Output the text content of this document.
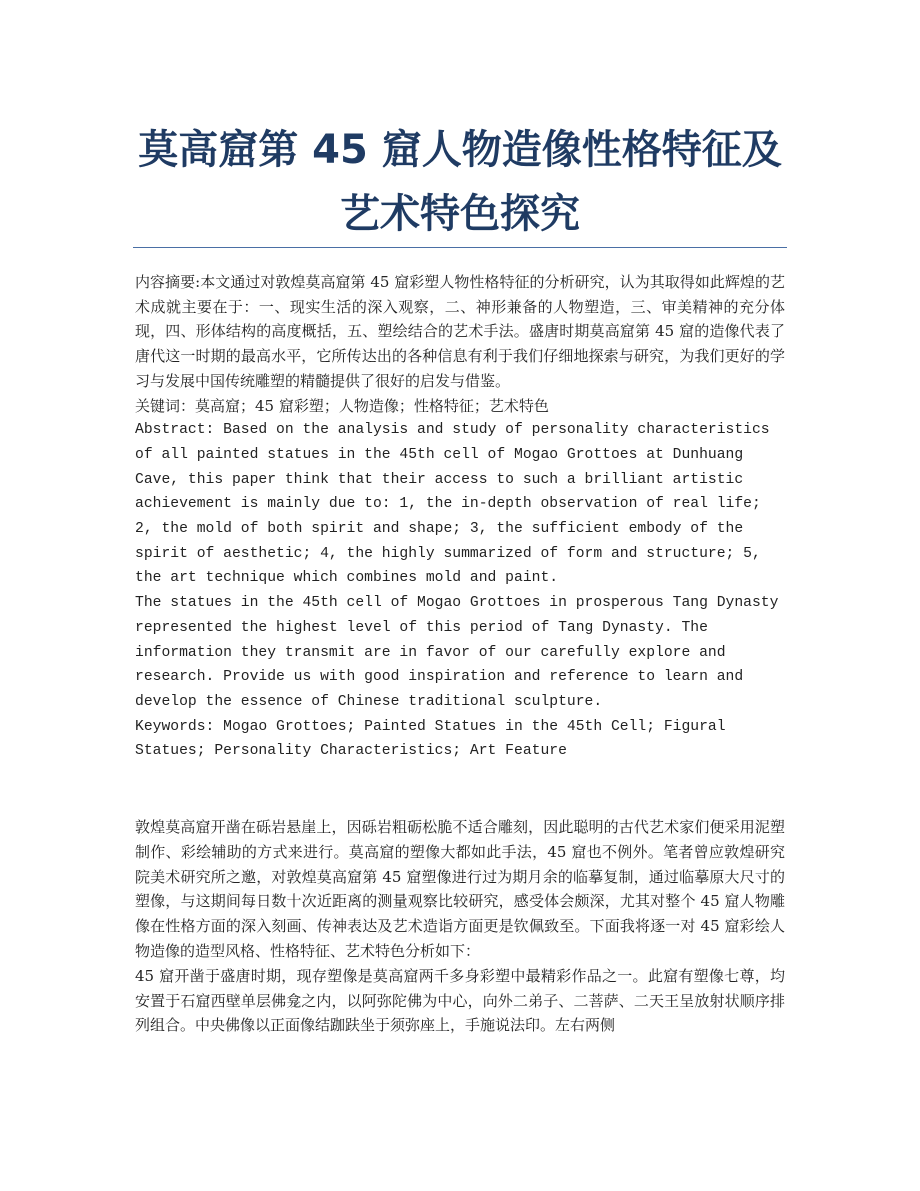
莫高窟第 45 窟人物造像性格特征及
艺术特色探究

内容摘要:本文通过对敦煌莫高窟第 45 窟彩塑人物性格特征的分析研究，认为其取得如此辉煌的艺术成就主要在于：一、现实生活的深入观察，二、神形兼备的人物塑造，三、审美精神的充分体现，四、形体结构的高度概括，五、塑绘结合的艺术手法。盛唐时期莫高窟第 45 窟的造像代表了唐代这一时期的最高水平，它所传达出的各种信息有利于我们仔细地探索与研究，为我们更好的学习与发展中国传统雕塑的精髓提供了很好的启发与借鉴。

关键词：莫高窟；45 窟彩塑；人物造像；性格特征；艺术特色

Abstract: Based on the analysis and study of personality characteristics of all painted statues in the 45th cell of Mogao Grottoes at Dunhuang Cave, this paper think that their access to such a brilliant artistic achievement is mainly due to: 1, the in-depth observation of real life; 2, the mold of both spirit and shape; 3, the sufficient embody of the spirit of aesthetic; 4, the highly summarized of form and structure; 5, the art technique which combines mold and paint.

The statues in the 45th cell of Mogao Grottoes in prosperous Tang Dynasty represented the highest level of this period of Tang Dynasty. The information they transmit are in favor of our carefully explore and research. Provide us with good inspiration and reference to learn and develop the essence of Chinese traditional sculpture.

Keywords: Mogao Grottoes; Painted Statues in the 45th Cell; Figural Statues; Personality Characteristics; Art Feature

敦煌莫高窟开凿在砾岩悬崖上，因砾岩粗砺松脆不适合雕刻，因此聪明的古代艺术家们便采用泥塑制作、彩绘辅助的方式来进行。莫高窟的塑像大都如此手法，45 窟也不例外。笔者曾应敦煌研究院美术研究所之邀，对敦煌莫高窟第 45 窟塑像进行过为期月余的临摹复制，通过临摹原大尺寸的塑像，与这期间每日数十次近距离的测量观察比较研究，感受体会颇深，尤其对整个 45 窟人物雕像在性格方面的深入刻画、传神表达及艺术造诣方面更是钦佩致至。下面我将逐一对 45 窟彩绘人物造像的造型风格、性格特征、艺术特色分析如下：

45 窟开凿于盛唐时期，现存塑像是莫高窟两千多身彩塑中最精彩作品之一。此窟有塑像七尊，均安置于石窟西壁单层佛龛之内，以阿弥陀佛为中心，向外二弟子、二菩萨、二天王呈放射状顺序排列组合。中央佛像以正面像结跏趺坐于须弥座上，手施说法印。左右两侧
